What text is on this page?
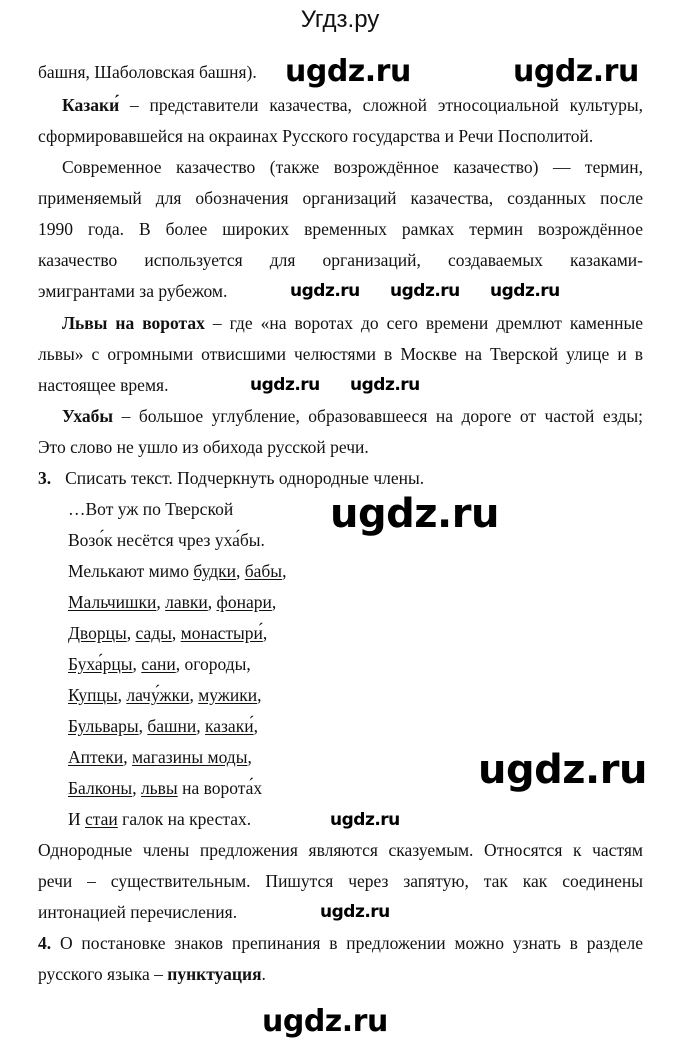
Угдз.ру
башня, Шаболовская башня).
Казаки́ – представители казачества, сложной этносоциальной культуры,
сформировавшейся на окраинах Русского государства и Речи Посполитой.
Современное казачество (также возрождённое казачество) — термин,
применяемый для обозначения организаций казачества, созданных после
1990 года. В более широких временных рамках термин возрождённое
казачество используется для организаций, создаваемых казаками-
эмигрантами за рубежом.
Львы на воротах – где «на воротах до сего времени дремлют каменные
львы» с огромными отвисшими челюстями в Москве на Тверской улице и в
настоящее время.
Ухабы – большое углубление, образовавшееся на дороге от частой езды;
Это слово не ушло из обихода русской речи.
3. Списать текст. Подчеркнуть однородные члены.
…Вот уж по Тверской
Возо́к несётся чрез уха́бы.
Мелькают мимо будки, бабы,
Мальчишки, лавки, фонари,
Дворцы, сады, монастыри́,
Буха́рцы, сани, огороды,
Купцы, лачу́жки, мужики,
Бульвары, башни, казаки́,
Аптеки, магазины моды,
Балконы, львы на ворота́х
И стаи галок на крестах.
Однородные члены предложения являются сказуемым. Относятся к частям
речи – существительным. Пишутся через запятую, так как соединены
интонацией перечисления.
4. О постановке знаков препинания в предложении можно узнать в разделе
русского языка – пунктуация.
ugdz.ru	ugdz.ru
ugdz.ru ugdz.ru ugdz.ru
ugdz.ru ugdz.ru
ugdz.ru
ugdz.ru
ugdz.ru
ugdz.ru
ugdz.ru
